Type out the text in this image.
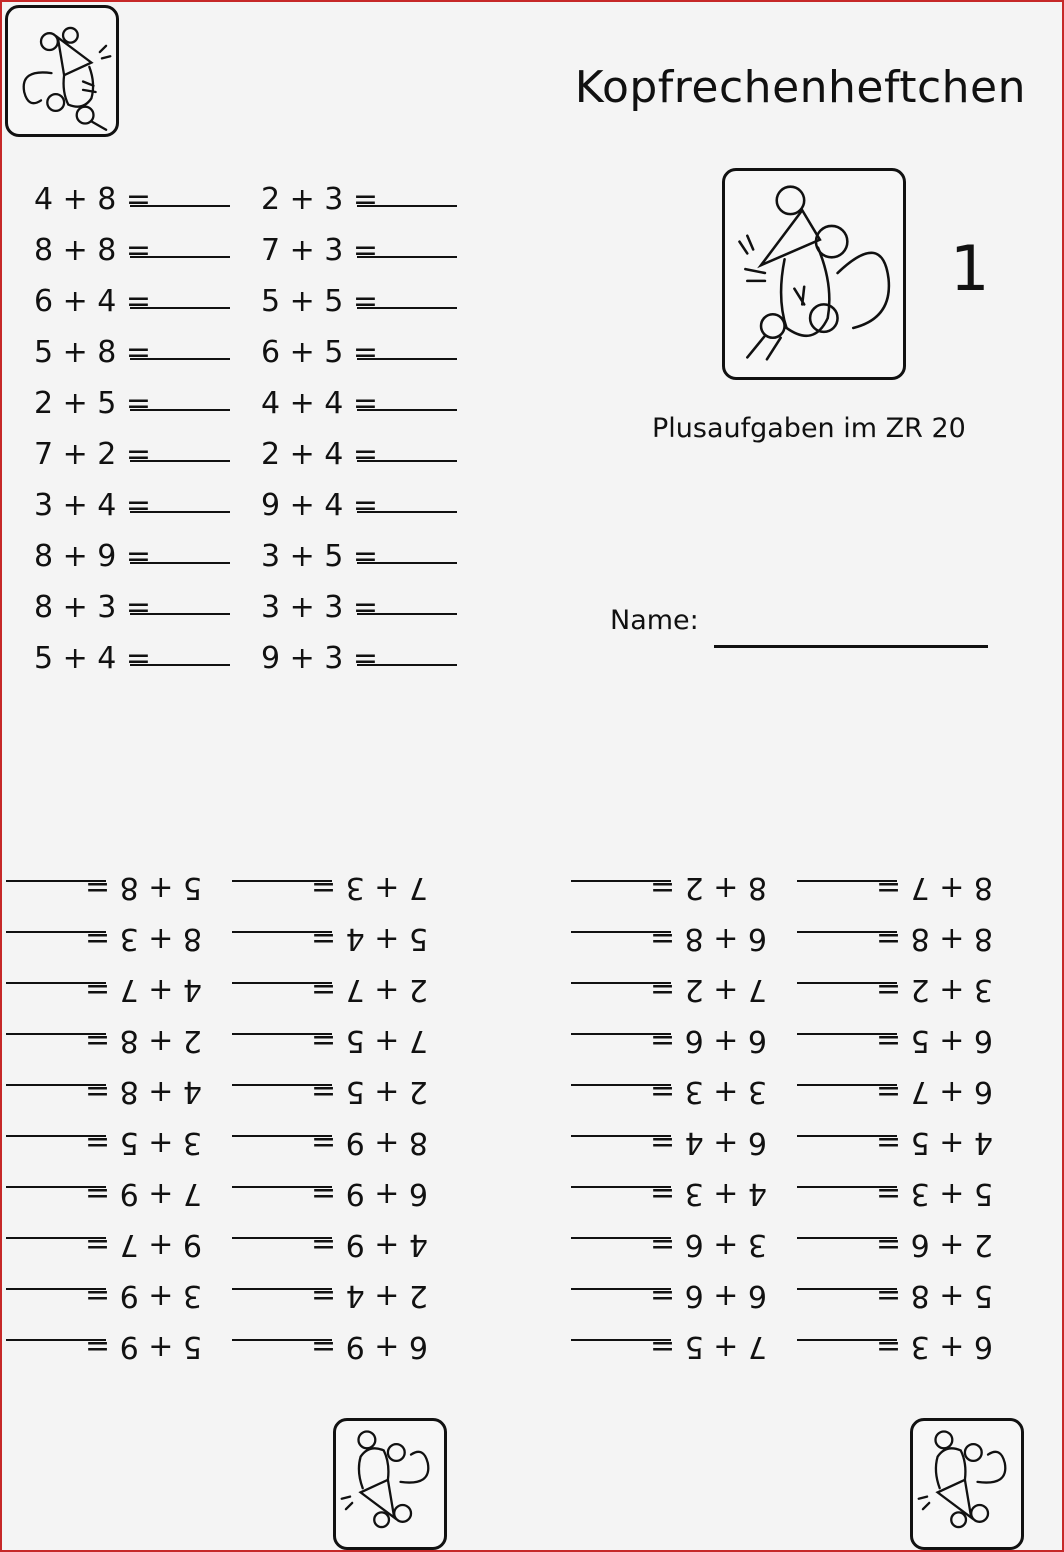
Kopfrechenheftchen
1
Plusaufgaben im ZR 20
Name:
4 + 8 =
8 + 8 =
6 + 4 =
5 + 8 =
2 + 5 =
7 + 2 =
3 + 4 =
8 + 9 =
8 + 3 =
5 + 4 =
2 + 3 =
7 + 3 =
5 + 5 =
6 + 5 =
4 + 4 =
2 + 4 =
9 + 4 =
3 + 5 =
3 + 3 =
9 + 3 =
5 + 9 =
3 + 9 =
9 + 7 =
7 + 9 =
3 + 5 =
4 + 8 =
2 + 8 =
4 + 7 =
8 + 3 =
5 + 8 =
6 + 9 =
2 + 4 =
4 + 9 =
6 + 9 =
8 + 9 =
2 + 5 =
7 + 5 =
2 + 7 =
5 + 4 =
7 + 3 =
7 + 5 =
6 + 6 =
3 + 6 =
4 + 3 =
6 + 4 =
3 + 3 =
6 + 6 =
7 + 2 =
6 + 8 =
8 + 2 =
6 + 3 =
5 + 8 =
2 + 6 =
5 + 3 =
4 + 5 =
6 + 7 =
6 + 5 =
3 + 2 =
8 + 8 =
8 + 7 =
